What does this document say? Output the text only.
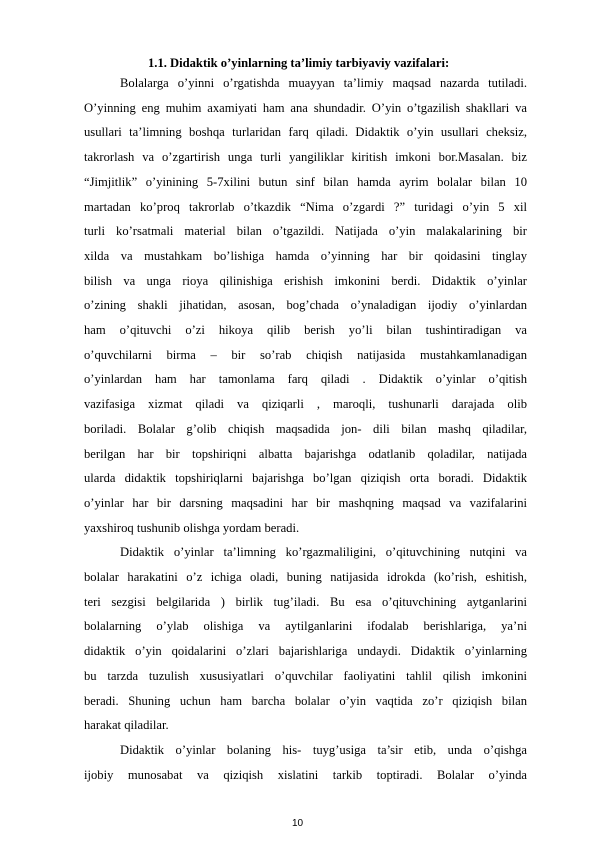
1.1. Didaktik o’yinlarning ta’limiy tarbiyaviy vazifalari:
Bolalarga o’yinni o’rgatishda muayyan ta’limiy maqsad nazarda tutiladi.
O’yinning eng muhim axamiyati ham ana shundadir. O’yin o’tgazilish shakllari va
usullari ta’limning boshqa turlaridan farq qiladi. Didaktik o’yin usullari cheksiz,
takrorlash va o’zgartirish unga turli yangiliklar kiritish imkoni bor.Masalan. biz
“Jimjitlik” o’yinining 5-7xilini butun sinf bilan hamda ayrim bolalar bilan 10
martadan ko’proq takrorlab o’tkazdik “Nima o’zgardi ?” turidagi o’yin 5 xil
turli ko’rsatmali material bilan o’tgazildi. Natijada o’yin malakalarining bir
xilda va mustahkam bo’lishiga hamda o’yinning har bir qoidasini tinglay
bilish va unga rioya qilinishiga erishish imkonini berdi. Didaktik o’yinlar
o’zining shakli jihatidan, asosan, bog’chada o’ynaladigan ijodiy o’yinlardan
ham o’qituvchi o’zi hikoya qilib berish yo’li bilan tushintiradigan va
o’quvchilarni birma – bir so’rab chiqish natijasida mustahkamlanadigan
o’yinlardan ham har tamonlama farq qiladi . Didaktik o’yinlar o’qitish
vazifasiga xizmat qiladi va qiziqarli , maroqli, tushunarli darajada olib
boriladi. Bolalar g’olib chiqish maqsadida jon- dili bilan mashq qiladilar,
berilgan har bir topshiriqni albatta bajarishga odatlanib qoladilar, natijada
ularda didaktik topshiriqlarni bajarishga bo’lgan qiziqish orta boradi. Didaktik
o’yinlar har bir darsning maqsadini har bir mashqning maqsad va vazifalarini
yaxshiroq tushunib olishga yordam beradi.
Didaktik o’yinlar ta’limning ko’rgazmaliligini, o’qituvchining nutqini va
bolalar harakatini o’z ichiga oladi, buning natijasida idrokda (ko’rish, eshitish,
teri sezgisi belgilarida ) birlik tug’iladi. Bu esa o’qituvchining aytganlarini
bolalarning o’ylab olishiga va aytilganlarini ifodalab berishlariga, ya’ni
didaktik o’yin qoidalarini o’zlari bajarishlariga undaydi. Didaktik o’yinlarning
bu tarzda tuzulish xususiyatlari o’quvchilar faoliyatini tahlil qilish imkonini
beradi. Shuning uchun ham barcha bolalar o’yin vaqtida zo’r qiziqish bilan
harakat qiladilar.
Didaktik o’yinlar bolaning his- tuyg’usiga ta’sir etib, unda o’qishga
ijobiy munosabat va qiziqish xislatini tarkib toptiradi. Bolalar o’yinda
10
